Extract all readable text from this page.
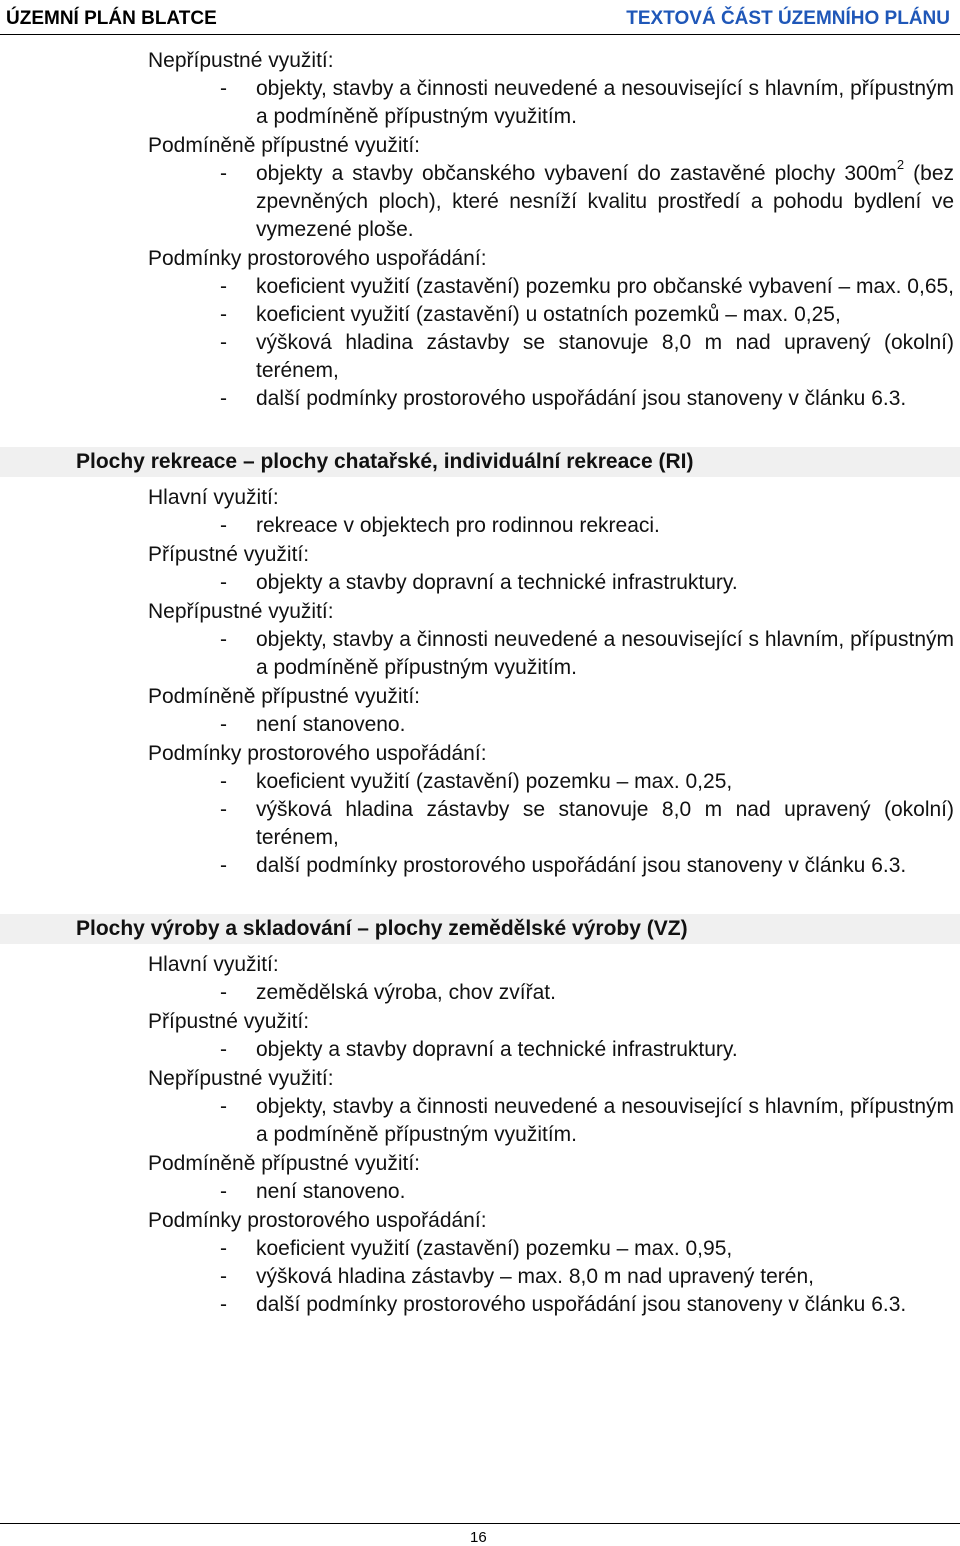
ÚZEMNÍ PLÁN BLATCE	TEXTOVÁ ČÁST ÚZEMNÍHO PLÁNU
Nepřípustné využití:
-	objekty, stavby a činnosti neuvedené a nesouvisející s hlavním, přípustným a podmíněně přípustným využitím.
Podmíněně přípustné využití:
-	objekty a stavby občanského vybavení do zastavěné plochy $300m^2$ (bez zpevněných ploch), které nesníží kvalitu prostředí a pohodu bydlení ve vymezené ploše.
Podmínky prostorového uspořádání:
-	koeficient využití (zastavění) pozemku pro občanské vybavení – max. 0,65,
-	koeficient využití (zastavění) u ostatních pozemků – max. 0,25,
-	výšková hladina zástavby se stanovuje 8,0 m nad upravený (okolní) terénem,
-	další podmínky prostorového uspořádání jsou stanoveny v článku 6.3.
Plochy rekreace – plochy chatařské, individuální rekreace (RI)
Hlavní využití:
-	rekreace v objektech pro rodinnou rekreaci.
Přípustné využití:
-	objekty a stavby dopravní a technické infrastruktury.
Nepřípustné využití:
-	objekty, stavby a činnosti neuvedené a nesouvisející s hlavním, přípustným a podmíněně přípustným využitím.
Podmíněně přípustné využití:
-	není stanoveno.
Podmínky prostorového uspořádání:
-	koeficient využití (zastavění) pozemku – max. 0,25,
-	výšková hladina zástavby se stanovuje 8,0 m nad upravený (okolní) terénem,
-	další podmínky prostorového uspořádání jsou stanoveny v článku 6.3.
Plochy výroby a skladování – plochy zemědělské výroby (VZ)
Hlavní využití:
-	zemědělská výroba, chov zvířat.
Přípustné využití:
-	objekty a stavby dopravní a technické infrastruktury.
Nepřípustné využití:
-	objekty, stavby a činnosti neuvedené a nesouvisející s hlavním, přípustným a podmíněně přípustným využitím.
Podmíněně přípustné využití:
-	není stanoveno.
Podmínky prostorového uspořádání:
-	koeficient využití (zastavění) pozemku – max. 0,95,
-	výšková hladina zástavby – max. 8,0 m nad upravený terén,
-	další podmínky prostorového uspořádání jsou stanoveny v článku 6.3.
16
